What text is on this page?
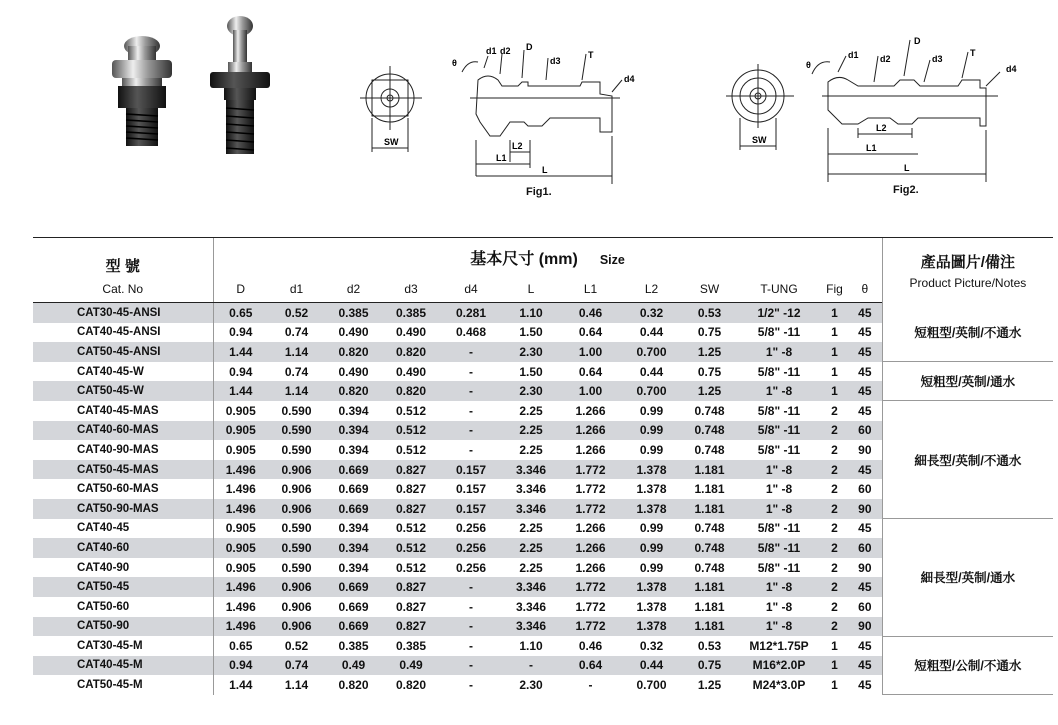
SW
θ
d1 d2 D
d3
T
d4
L2
L1
L
Fig1.
SW
θ
d1 d2
D
d3
T
d4
L2
L1
L
Fig2.
型 號	基本尺寸 (mm) Size												產品圖片/備注
Product Picture/Notes

Cat. No	D	d1	d2	d3	d4	L	L1	L2	SW	T-UNG	Fig	θ	
CAT30-45-ANSI	0.65	0.52	0.385	0.385	0.281	1.10	0.46	0.32	0.53	1/2" -12	1	45	短粗型/英制/不通水
CAT40-45-ANSI	0.94	0.74	0.490	0.490	0.468	1.50	0.64	0.44	0.75	5/8" -11	1	45	
CAT50-45-ANSI	1.44	1.14	0.820	0.820	-	2.30	1.00	0.700	1.25	1" -8	1	45	
CAT40-45-W	0.94	0.74	0.490	0.490	-	1.50	0.64	0.44	0.75	5/8" -11	1	45	短粗型/英制/通水
CAT50-45-W	1.44	1.14	0.820	0.820	-	2.30	1.00	0.700	1.25	1" -8	1	45	
CAT40-45-MAS	0.905	0.590	0.394	0.512	-	2.25	1.266	0.99	0.748	5/8" -11	2	45	細長型/英制/不通水
CAT40-60-MAS	0.905	0.590	0.394	0.512	-	2.25	1.266	0.99	0.748	5/8" -11	2	60	
CAT40-90-MAS	0.905	0.590	0.394	0.512	-	2.25	1.266	0.99	0.748	5/8" -11	2	90	
CAT50-45-MAS	1.496	0.906	0.669	0.827	0.157	3.346	1.772	1.378	1.181	1" -8	2	45	
CAT50-60-MAS	1.496	0.906	0.669	0.827	0.157	3.346	1.772	1.378	1.181	1" -8	2	60	
CAT50-90-MAS	1.496	0.906	0.669	0.827	0.157	3.346	1.772	1.378	1.181	1" -8	2	90	
CAT40-45	0.905	0.590	0.394	0.512	0.256	2.25	1.266	0.99	0.748	5/8" -11	2	45	細長型/英制/通水
CAT40-60	0.905	0.590	0.394	0.512	0.256	2.25	1.266	0.99	0.748	5/8" -11	2	60	
CAT40-90	0.905	0.590	0.394	0.512	0.256	2.25	1.266	0.99	0.748	5/8" -11	2	90	
CAT50-45	1.496	0.906	0.669	0.827	-	3.346	1.772	1.378	1.181	1" -8	2	45	
CAT50-60	1.496	0.906	0.669	0.827	-	3.346	1.772	1.378	1.181	1" -8	2	60	
CAT50-90	1.496	0.906	0.669	0.827	-	3.346	1.772	1.378	1.181	1" -8	2	90	
CAT30-45-M	0.65	0.52	0.385	0.385	-	1.10	0.46	0.32	0.53	M12*1.75P	1	45	短粗型/公制/不通水
CAT40-45-M	0.94	0.74	0.49	0.49	-	-	0.64	0.44	0.75	M16*2.0P	1	45	
CAT50-45-M	1.44	1.14	0.820	0.820	-	2.30	-	0.700	1.25	M24*3.0P	1	45	
